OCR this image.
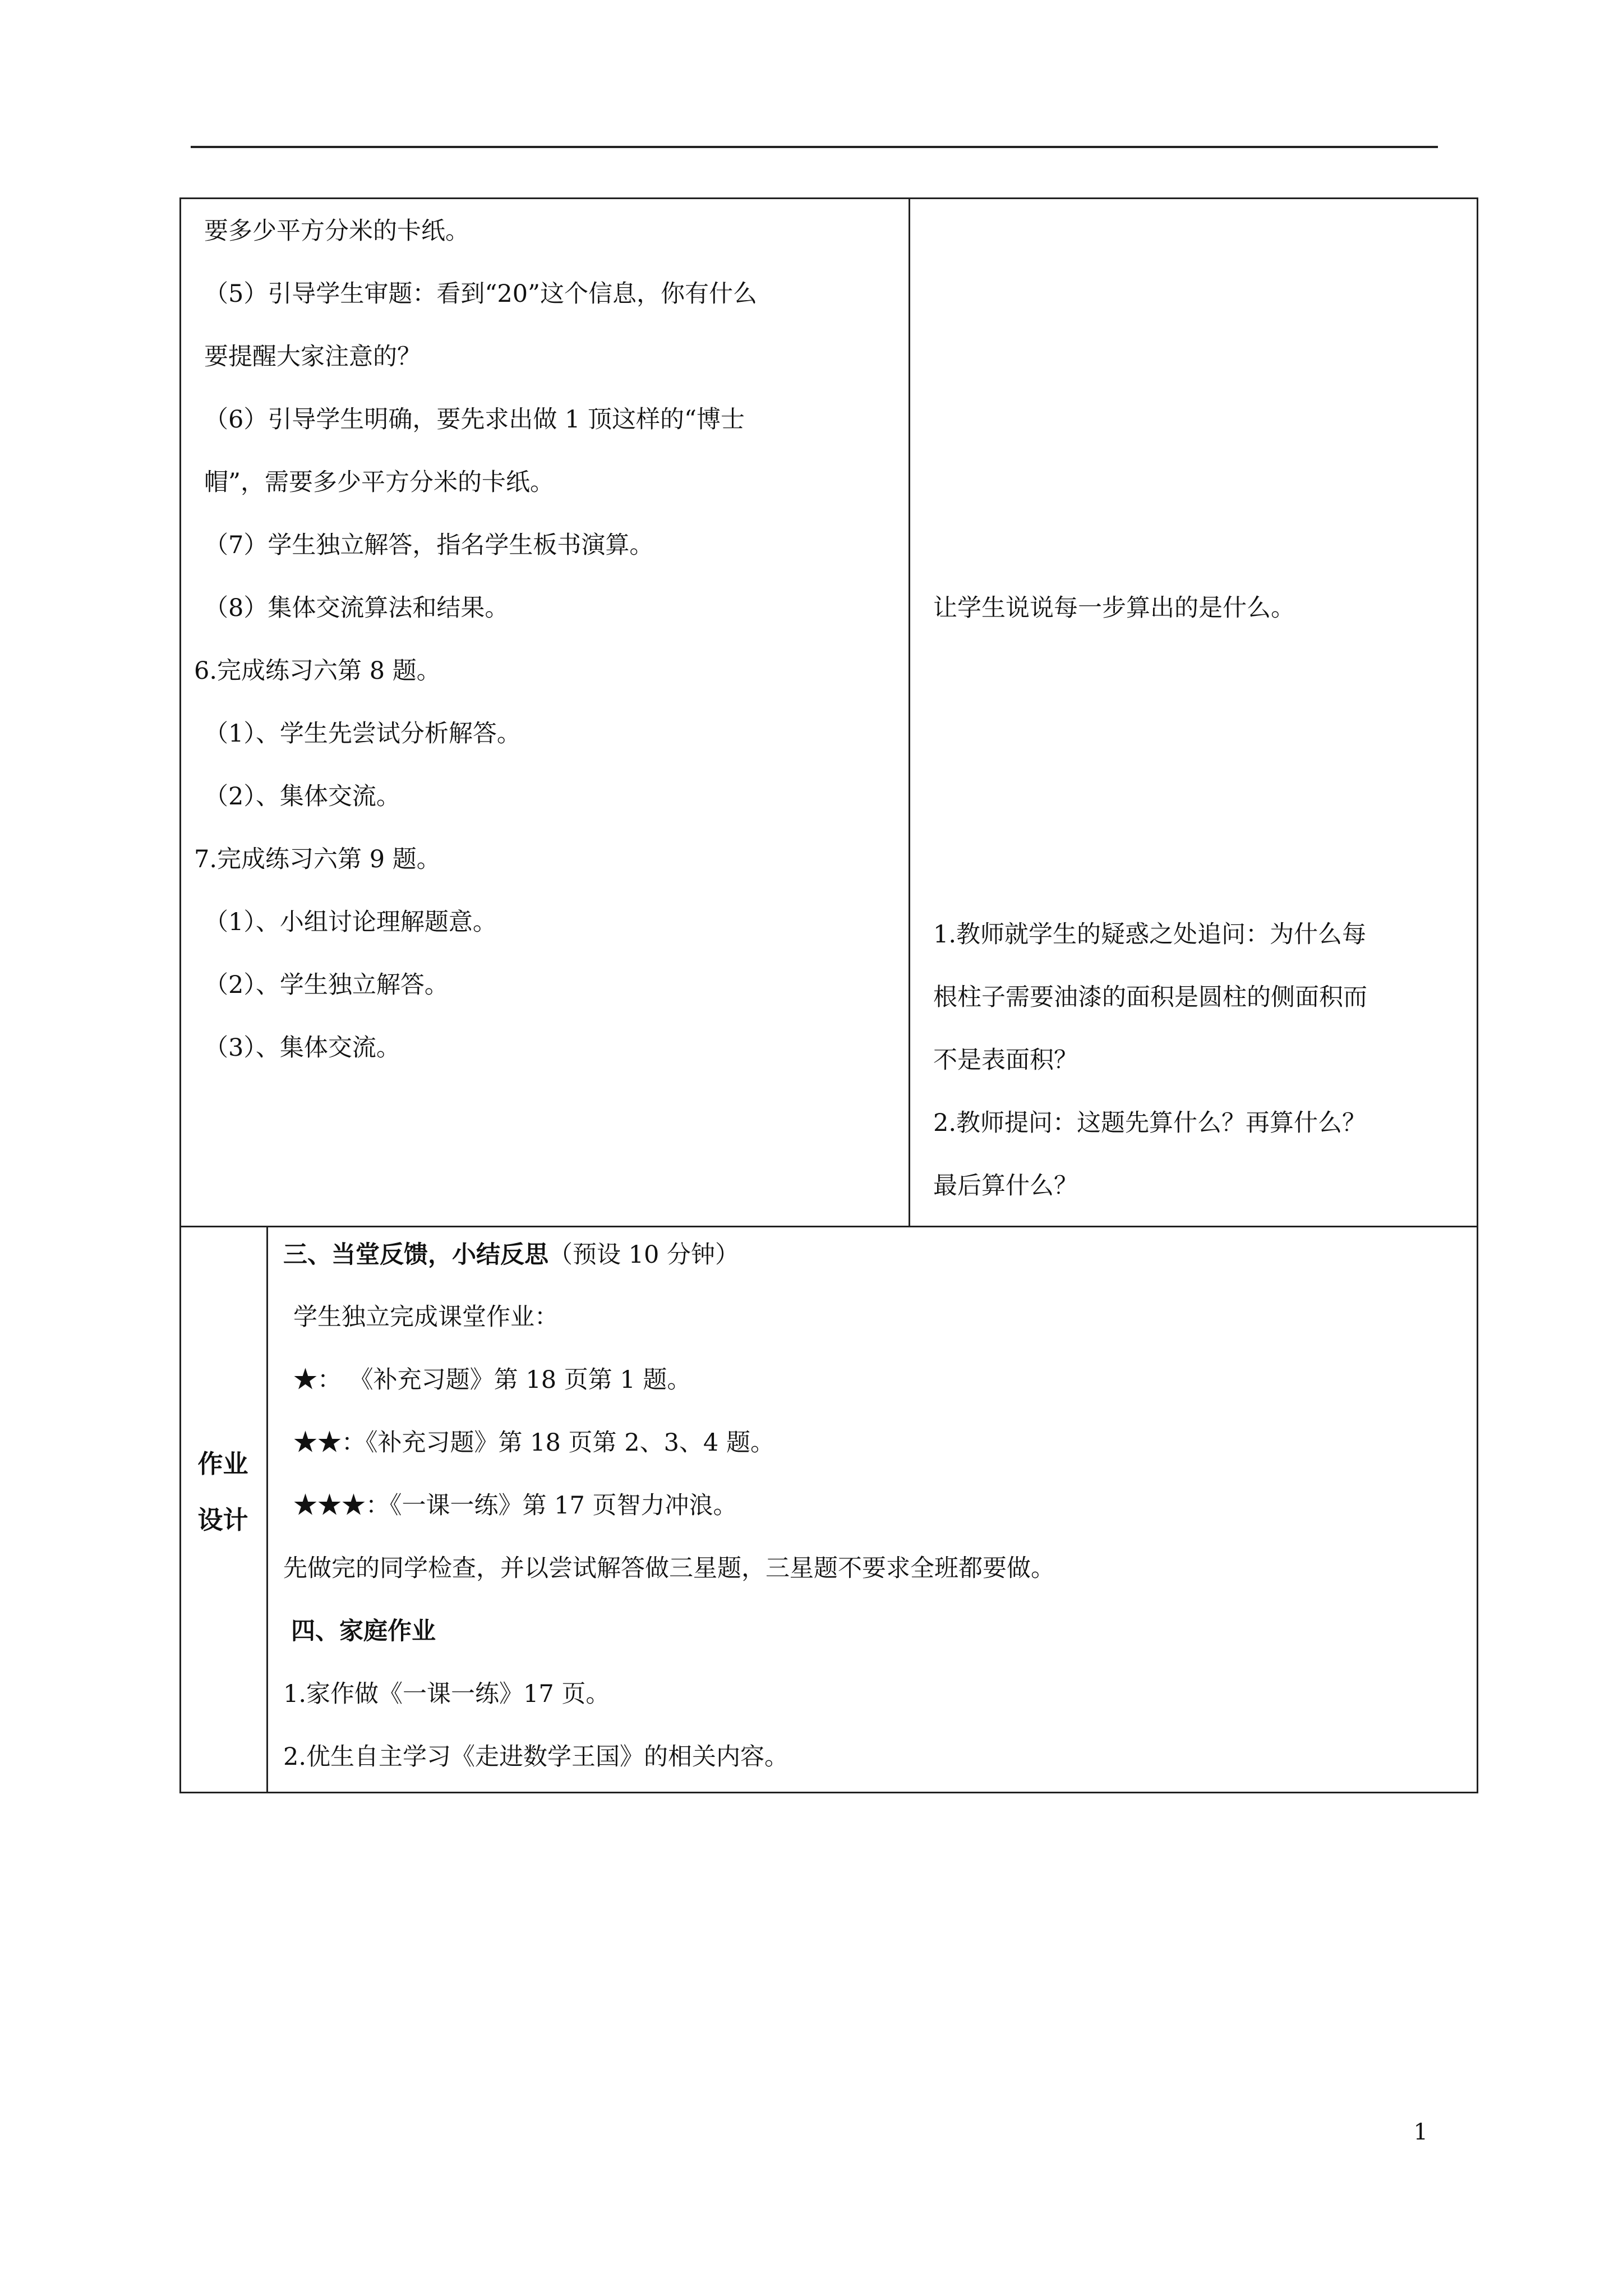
要多少平方分米的卡纸。
（5）引导学生审题：看到“20”这个信息，你有什么
要提醒大家注意的？
（6）引导学生明确，要先求出做 1 顶这样的“博士
帽”，需要多少平方分米的卡纸。
（7）学生独立解答，指名学生板书演算。
（8）集体交流算法和结果。
6.完成练习六第 8 题。
（1）、学生先尝试分析解答。
（2）、集体交流。
7.完成练习六第 9 题。
（1）、小组讨论理解题意。
（2）、学生独立解答。
（3）、集体交流。
让学生说说每一步算出的是什么。
1.教师就学生的疑惑之处追问：为什么每
根柱子需要油漆的面积是圆柱的侧面积而
不是表面积？
2.教师提问：这题先算什么？再算什么？
最后算什么？
作业
设计
三、当堂反馈，小结反思（预设 10 分钟）
学生独立完成课堂作业：
★： 《补充习题》第 18 页第 1 题。
★★：《补充习题》第 18 页第 2、3、4 题。
★★★：《一课一练》第 17 页智力冲浪。
先做完的同学检查，并以尝试解答做三星题，三星题不要求全班都要做。
四、家庭作业
1.家作做《一课一练》17 页。
2.优生自主学习《走进数学王国》的相关内容。
1
